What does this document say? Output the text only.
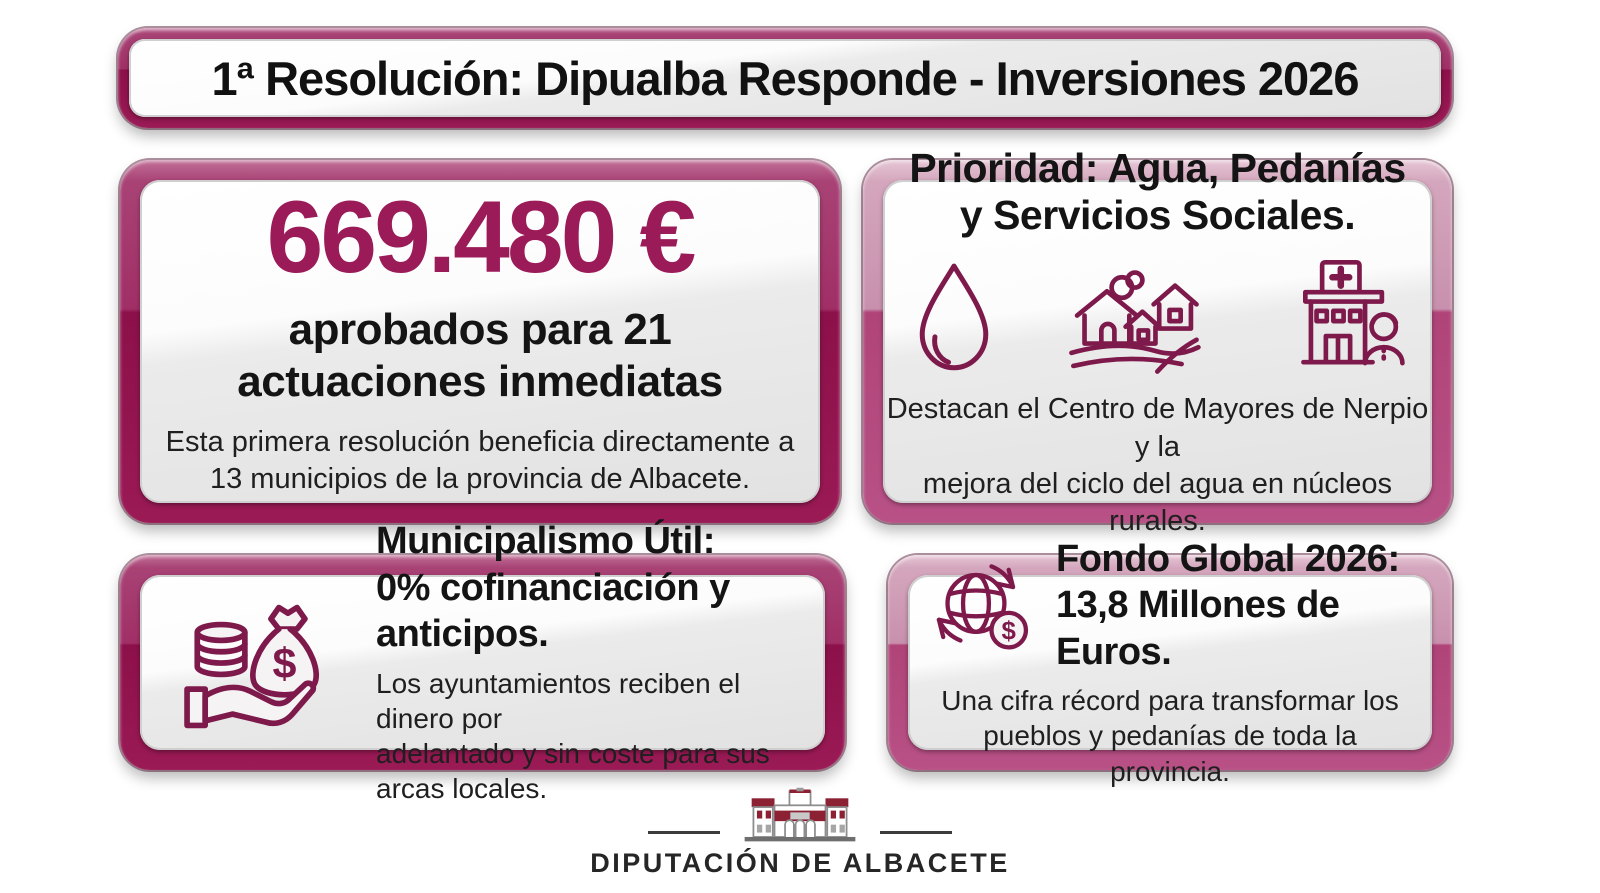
1ª Resolución: Dipualba Responde - Inversiones 2026
669.480 €
aprobados para 21
actuaciones inmediatas
Esta primera resolución beneficia directamente a
13 municipios de la provincia de Albacete.
Prioridad: Agua, Pedanías
y Servicios Sociales.
Destacan el Centro de Mayores de Nerpio y la
mejora del ciclo del agua en núcleos rurales.
$
Municipalismo Útil:
0% cofinanciación y anticipos.
Los ayuntamientos reciben el dinero por
adelantado y sin coste para sus arcas locales.
$
Fondo Global 2026:
13,8 Millones de Euros.
Una cifra récord para transformar los
pueblos y pedanías de toda la provincia.
DIPUTACIÓN DE ALBACETE
